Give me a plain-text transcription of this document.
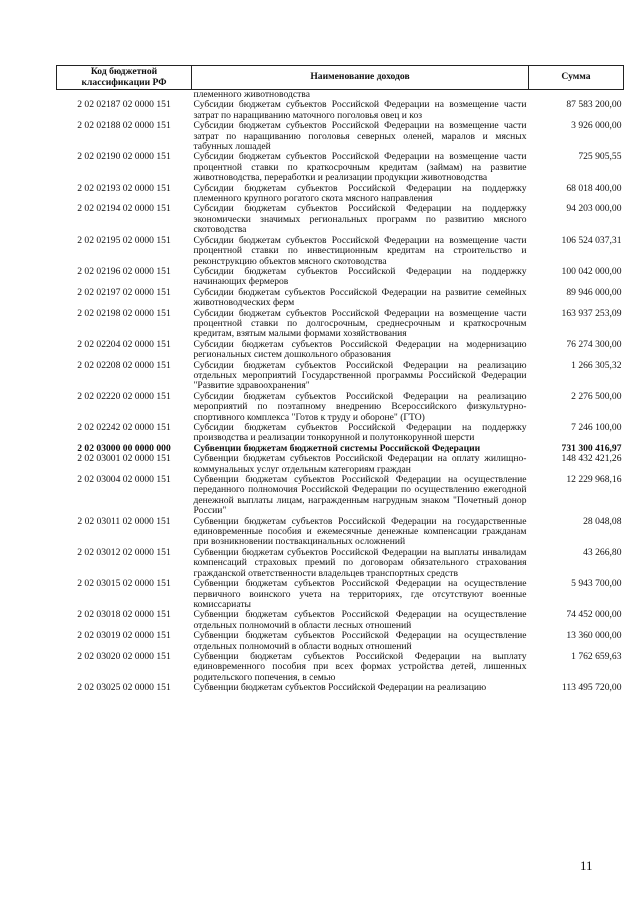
Код бюджетной классификации РФ	Наименование доходов	Сумма
	племенного животноводства	
2 02 02187 02 0000 151	Субсидии бюджетам субъектов Российской Федерации на возмещение части затрат по наращиванию маточного поголовья овец и коз	87 583 200,00
2 02 02188 02 0000 151	Субсидии бюджетам субъектов Российской Федерации на возмещение части затрат по наращиванию поголовья северных оленей, маралов и мясных табунных лошадей	3 926 000,00
2 02 02190 02 0000 151	Субсидии бюджетам субъектов Российской Федерации на возмещение части процентной ставки по краткосрочным кредитам (займам) на развитие животноводства, переработки и реализации продукции животноводства	725 905,55
2 02 02193 02 0000 151	Субсидии бюджетам субъектов Российской Федерации на поддержку племенного крупного рогатого скота мясного направления	68 018 400,00
2 02 02194 02 0000 151	Субсидии бюджетам субъектов Российской Федерации на поддержку экономически значимых региональных программ по развитию мясного скотоводства	94 203 000,00
2 02 02195 02 0000 151	Субсидии бюджетам субъектов Российской Федерации на возмещение части процентной ставки по инвестиционным кредитам на строительство и реконструкцию объектов мясного скотоводства	106 524 037,31
2 02 02196 02 0000 151	Субсидии бюджетам субъектов Российской Федерации на поддержку начинающих фермеров	100 042 000,00
2 02 02197 02 0000 151	Субсидии бюджетам субъектов Российской Федерации на развитие семейных животноводческих ферм	89 946 000,00
2 02 02198 02 0000 151	Субсидии бюджетам субъектов Российской Федерации на возмещение части процентной ставки по долгосрочным, среднесрочным и краткосрочным кредитам, взятым малыми формами хозяйствования	163 937 253,09
2 02 02204 02 0000 151	Субсидии бюджетам субъектов Российской Федерации на модернизацию региональных систем дошкольного образования	76 274 300,00
2 02 02208 02 0000 151	Субсидии бюджетам субъектов Российской Федерации на реализацию отдельных мероприятий Государственной программы Российской Федерации "Развитие здравоохранения"	1 266 305,32
2 02 02220 02 0000 151	Субсидии бюджетам субъектов Российской Федерации на реализацию мероприятий по поэтапному внедрению Всероссийского физкультурно-спортивного комплекса "Готов к труду и обороне" (ГТО)	2 276 500,00
2 02 02242 02 0000 151	Субсидии бюджетам субъектов Российской Федерации на поддержку производства и реализации тонкорунной и полутонкорунной шерсти	7 246 100,00
2 02 03000 00 0000 000	Субвенции бюджетам бюджетной системы Российской Федерации	731 300 416,97
2 02 03001 02 0000 151	Субвенции бюджетам субъектов Российской Федерации на оплату жилищно-коммунальных услуг отдельным категориям граждан	148 432 421,26
2 02 03004 02 0000 151	Субвенции бюджетам субъектов Российской Федерации на осуществление переданного полномочия Российской Федерации по осуществлению ежегодной денежной выплаты лицам, награжденным нагрудным знаком "Почетный донор России"	12 229 968,16
2 02 03011 02 0000 151	Субвенции бюджетам субъектов Российской Федерации на государственные единовременные пособия и ежемесячные денежные компенсации гражданам при возникновении поствакцинальных осложнений	28 048,08
2 02 03012 02 0000 151	Субвенции бюджетам субъектов Российской Федерации на выплаты инвалидам компенсаций страховых премий по договорам обязательного страхования гражданской ответственности владельцев транспортных средств	43 266,80
2 02 03015 02 0000 151	Субвенции бюджетам субъектов Российской Федерации на осуществление первичного воинского учета на территориях, где отсутствуют военные комиссариаты	5 943 700,00
2 02 03018 02 0000 151	Субвенции бюджетам субъектов Российской Федерации на осуществление отдельных полномочий в области лесных отношений	74 452 000,00
2 02 03019 02 0000 151	Субвенции бюджетам субъектов Российской Федерации на осуществление отдельных полномочий в области водных отношений	13 360 000,00
2 02 03020 02 0000 151	Субвенции бюджетам субъектов Российской Федерации на выплату единовременного пособия при всех формах устройства детей, лишенных родительского попечения, в семью	1 762 659,63
2 02 03025 02 0000 151	Субвенции бюджетам субъектов Российской Федерации на реализацию	113 495 720,00
11
